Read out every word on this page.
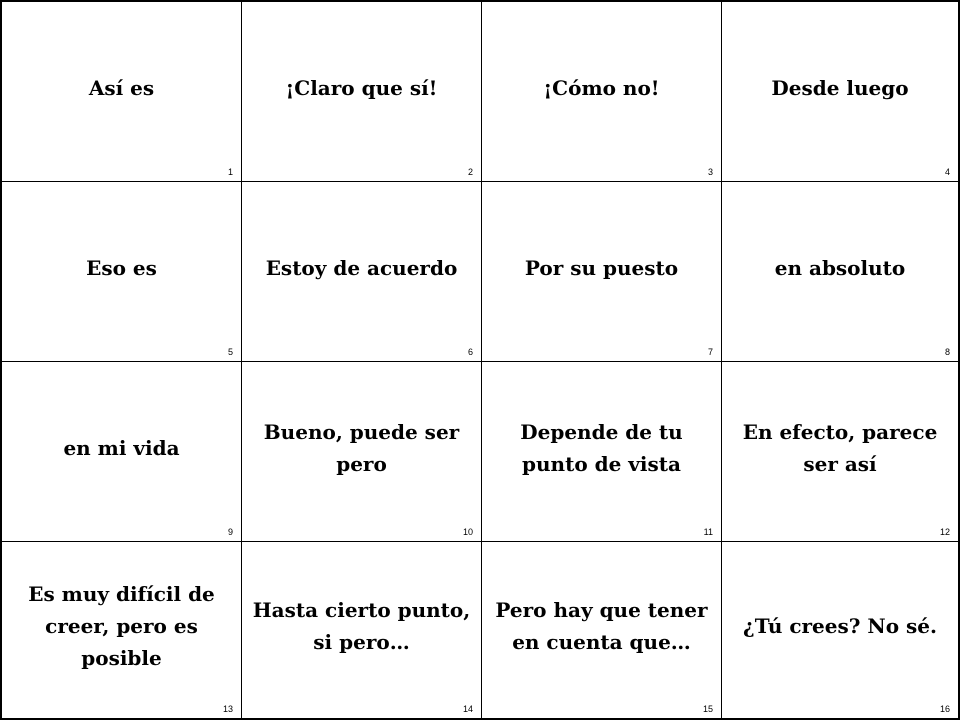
Así es
1
¡Claro que sí!
2
¡Cómo no!
3
Desde luego
4
Eso es
5
Estoy de acuerdo
6
Por su puesto
7
en absoluto
8
en mi vida
9
Bueno, puede ser pero
10
Depende de tu punto de vista
11
En efecto, parece ser así
12
Es muy difícil de creer, pero es posible
13
Hasta cierto punto, si pero…
14
Pero hay que tener en cuenta que…
15
¿Tú crees? No sé.
16
